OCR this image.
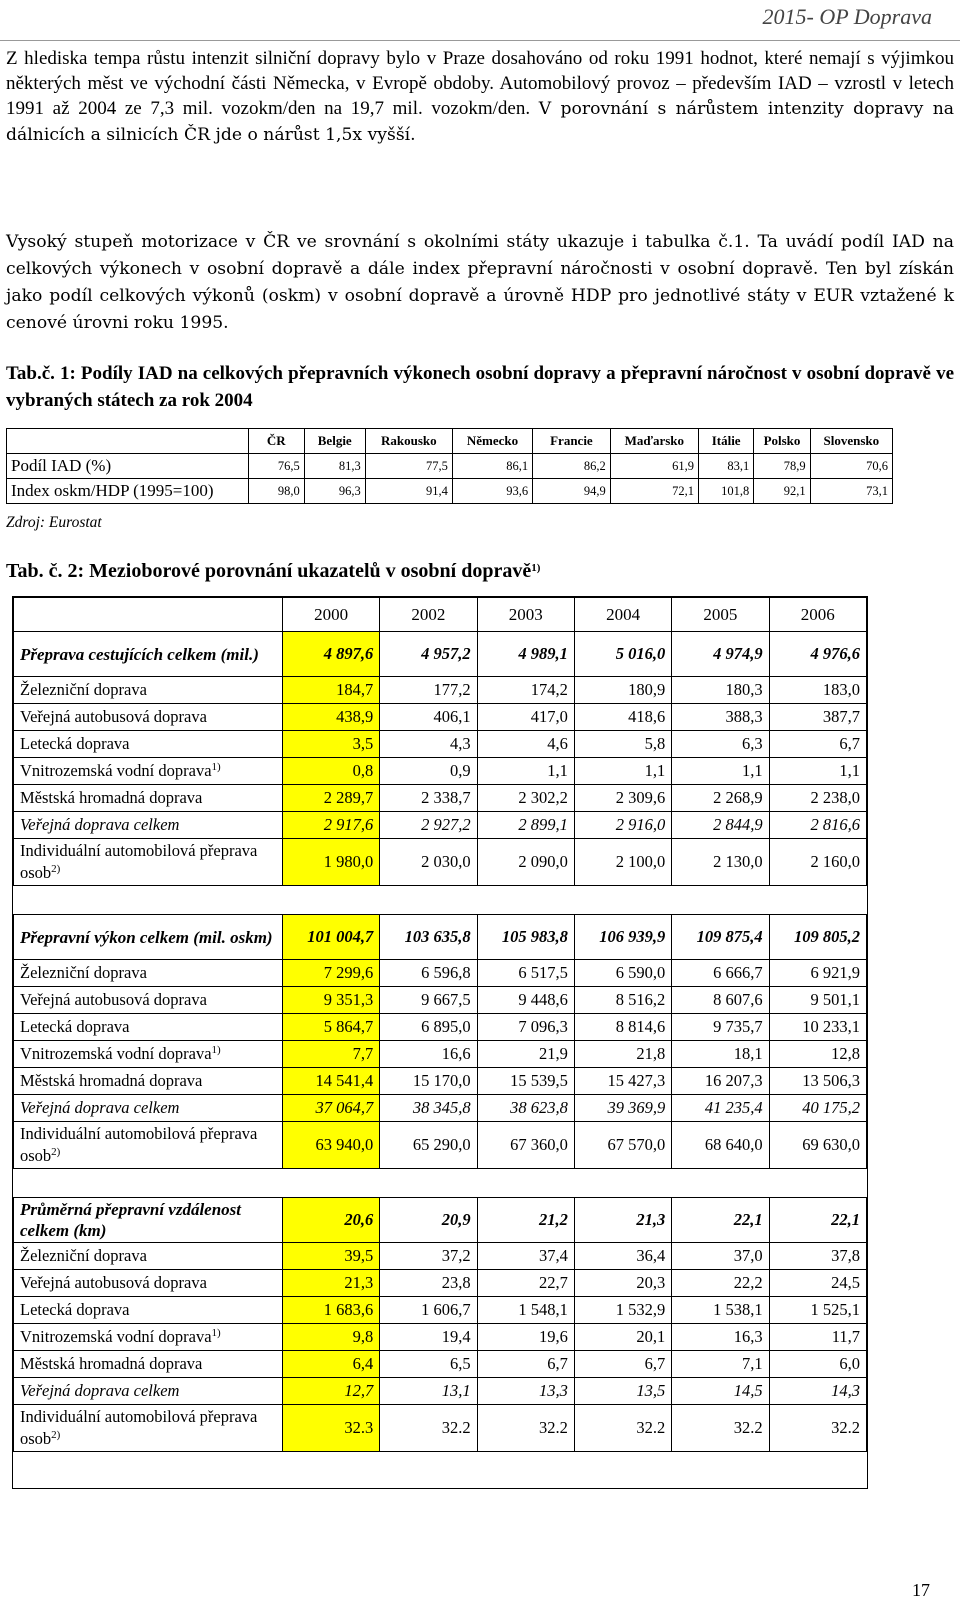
2015- OP Doprava
Z hlediska tempa růstu intenzit silniční dopravy bylo v Praze dosahováno od roku 1991 hodnot, které nemají s výjimkou některých měst ve východní části Německa, v Evropě obdoby. Automobilový provoz – především IAD – vzrostl v letech 1991 až 2004 ze 7,3 mil. vozokm/den na 19,7 mil. vozokm/den. V porovnání s nárůstem intenzity dopravy na dálnicích a silnicích ČR jde o nárůst 1,5x vyšší.
Vysoký stupeň motorizace v ČR ve srovnání s okolními státy ukazuje i tabulka č.1. Ta uvádí podíl IAD na celkových výkonech v osobní dopravě a dále index přepravní náročnosti v osobní dopravě. Ten byl získán jako podíl celkových výkonů (oskm) v osobní dopravě a úrovně HDP pro jednotlivé státy v EUR vztažené k cenové úrovni roku 1995.
Tab.č. 1: Podíly IAD na celkových přepravních výkonech osobní dopravy a přepravní náročnost v osobní dopravě ve vybraných státech za rok 2004
	ČR	Belgie	Rakousko	Německo	Francie	Maďarsko	Itálie	Polsko	Slovensko
Podíl IAD (%)	76,5	81,3	77,5	86,1	86,2	61,9	83,1	78,9	70,6
Index oskm/HDP (1995=100)	98,0	96,3	91,4	93,6	94,9	72,1	101,8	92,1	73,1
Zdroj: Eurostat
Tab. č. 2: Mezioborové porovnání ukazatelů v osobní dopravě$^{1)}$
	2000	2002	2003	2004	2005	2006
Přeprava cestujících celkem (mil.)	4 897,6	4 957,2	4 989,1	5 016,0	4 974,9	4 976,6
Železniční doprava	184,7	177,2	174,2	180,9	180,3	183,0
Veřejná autobusová doprava	438,9	406,1	417,0	418,6	388,3	387,7
Letecká doprava	3,5	4,3	4,6	5,8	6,3	6,7
Vnitrozemská vodní doprava$^{1)}$	0,8	0,9	1,1	1,1	1,1	1,1
Městská hromadná doprava	2 289,7	2 338,7	2 302,2	2 309,6	2 268,9	2 238,0
Veřejná doprava celkem	2 917,6	2 927,2	2 899,1	2 916,0	2 844,9	2 816,6
Individuální automobilová přeprava osob$^{2)}$	1 980,0	2 030,0	2 090,0	2 100,0	2 130,0	2 160,0

Přepravní výkon celkem (mil. oskm)	101 004,7	103 635,8	105 983,8	106 939,9	109 875,4	109 805,2
Železniční doprava	7 299,6	6 596,8	6 517,5	6 590,0	6 666,7	6 921,9
Veřejná autobusová doprava	9 351,3	9 667,5	9 448,6	8 516,2	8 607,6	9 501,1
Letecká doprava	5 864,7	6 895,0	7 096,3	8 814,6	9 735,7	10 233,1
Vnitrozemská vodní doprava$^{1)}$	7,7	16,6	21,9	21,8	18,1	12,8
Městská hromadná doprava	14 541,4	15 170,0	15 539,5	15 427,3	16 207,3	13 506,3
Veřejná doprava celkem	37 064,7	38 345,8	38 623,8	39 369,9	41 235,4	40 175,2
Individuální automobilová přeprava osob$^{2)}$	63 940,0	65 290,0	67 360,0	67 570,0	68 640,0	69 630,0

Průměrná přepravní vzdálenost celkem (km)	20,6	20,9	21,2	21,3	22,1	22,1
Železniční doprava	39,5	37,2	37,4	36,4	37,0	37,8
Veřejná autobusová doprava	21,3	23,8	22,7	20,3	22,2	24,5
Letecká doprava	1 683,6	1 606,7	1 548,1	1 532,9	1 538,1	1 525,1
Vnitrozemská vodní doprava$^{1)}$	9,8	19,4	19,6	20,1	16,3	11,7
Městská hromadná doprava	6,4	6,5	6,7	6,7	7,1	6,0
Veřejná doprava celkem	12,7	13,1	13,3	13,5	14,5	14,3
Individuální automobilová přeprava osob$^{2)}$	32.3	32.2	32.2	32.2	32.2	32.2
17
